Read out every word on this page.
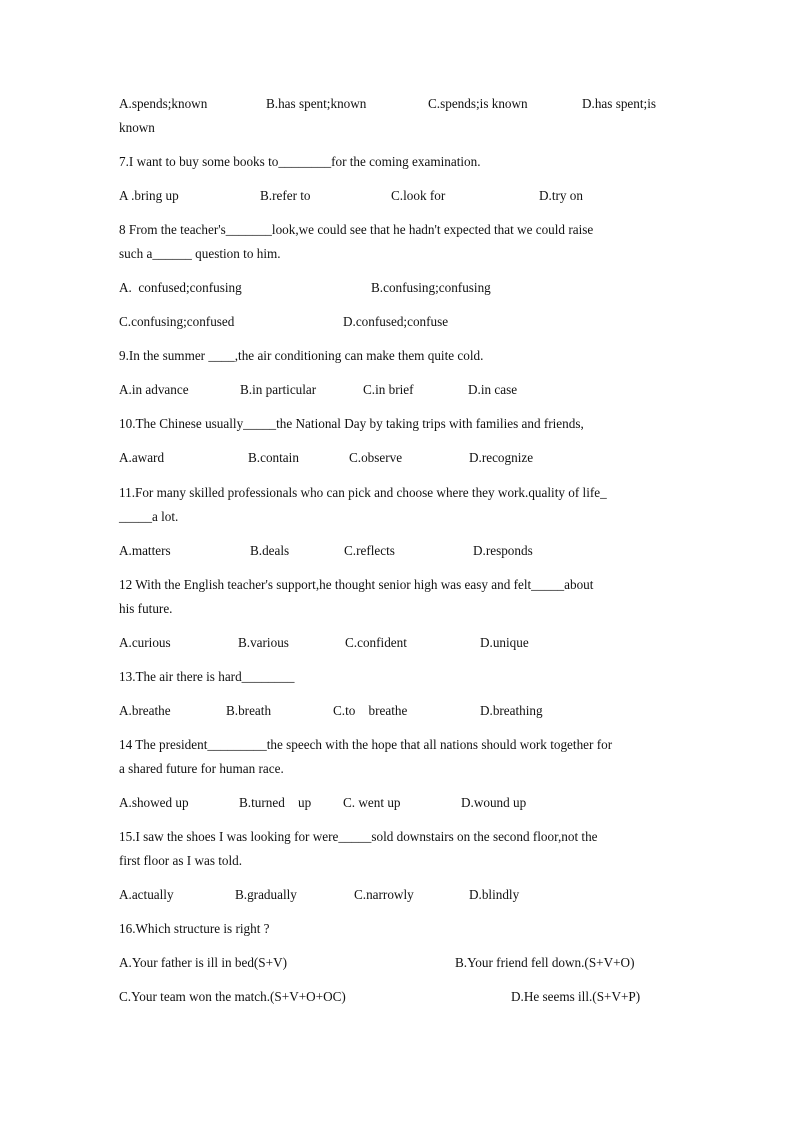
A.spends;known	B.has spent;known	C.spends;is known	D.has spent;is
known
7.I want to buy some books to________for the coming examination.
A .bring up	B.refer to	C.look for	D.try on
8 From the teacher's_______look,we could see that he hadn't expected that we could raise
such a______ question to him.
A.  confused;confusing	B.confusing;confusing
C.confusing;confused	D.confused;confuse
9.In the summer ____,the air conditioning can make them quite cold.
A.in advance	B.in particular	C.in brief	D.in case
10.The Chinese usually_____the National Day by taking trips with families and friends,
A.award	B.contain	C.observe	D.recognize
11.For many skilled professionals who can pick and choose where they work.quality of life_
_____a lot.
A.matters	B.deals	C.reflects	D.responds
12 With the English teacher's support,he thought senior high was easy and felt_____about
his future.
A.curious	B.various	C.confident	D.unique
13.The air there is hard________
A.breathe	B.breath	C.to    breathe	D.breathing
14 The president_________the speech with the hope that all nations should work together for
a shared future for human race.
A.showed up	B.turned    up C. went up	D.wound up
15.I saw the shoes I was looking for were_____sold downstairs on the second floor,not the
first floor as I was told.
A.actually	B.gradually	C.narrowly	D.blindly
16.Which structure is right ?
A.Your father is ill in bed(S+V)	B.Your friend fell down.(S+V+O)
C.Your team won the match.(S+V+O+OC)	D.He seems ill.(S+V+P)
